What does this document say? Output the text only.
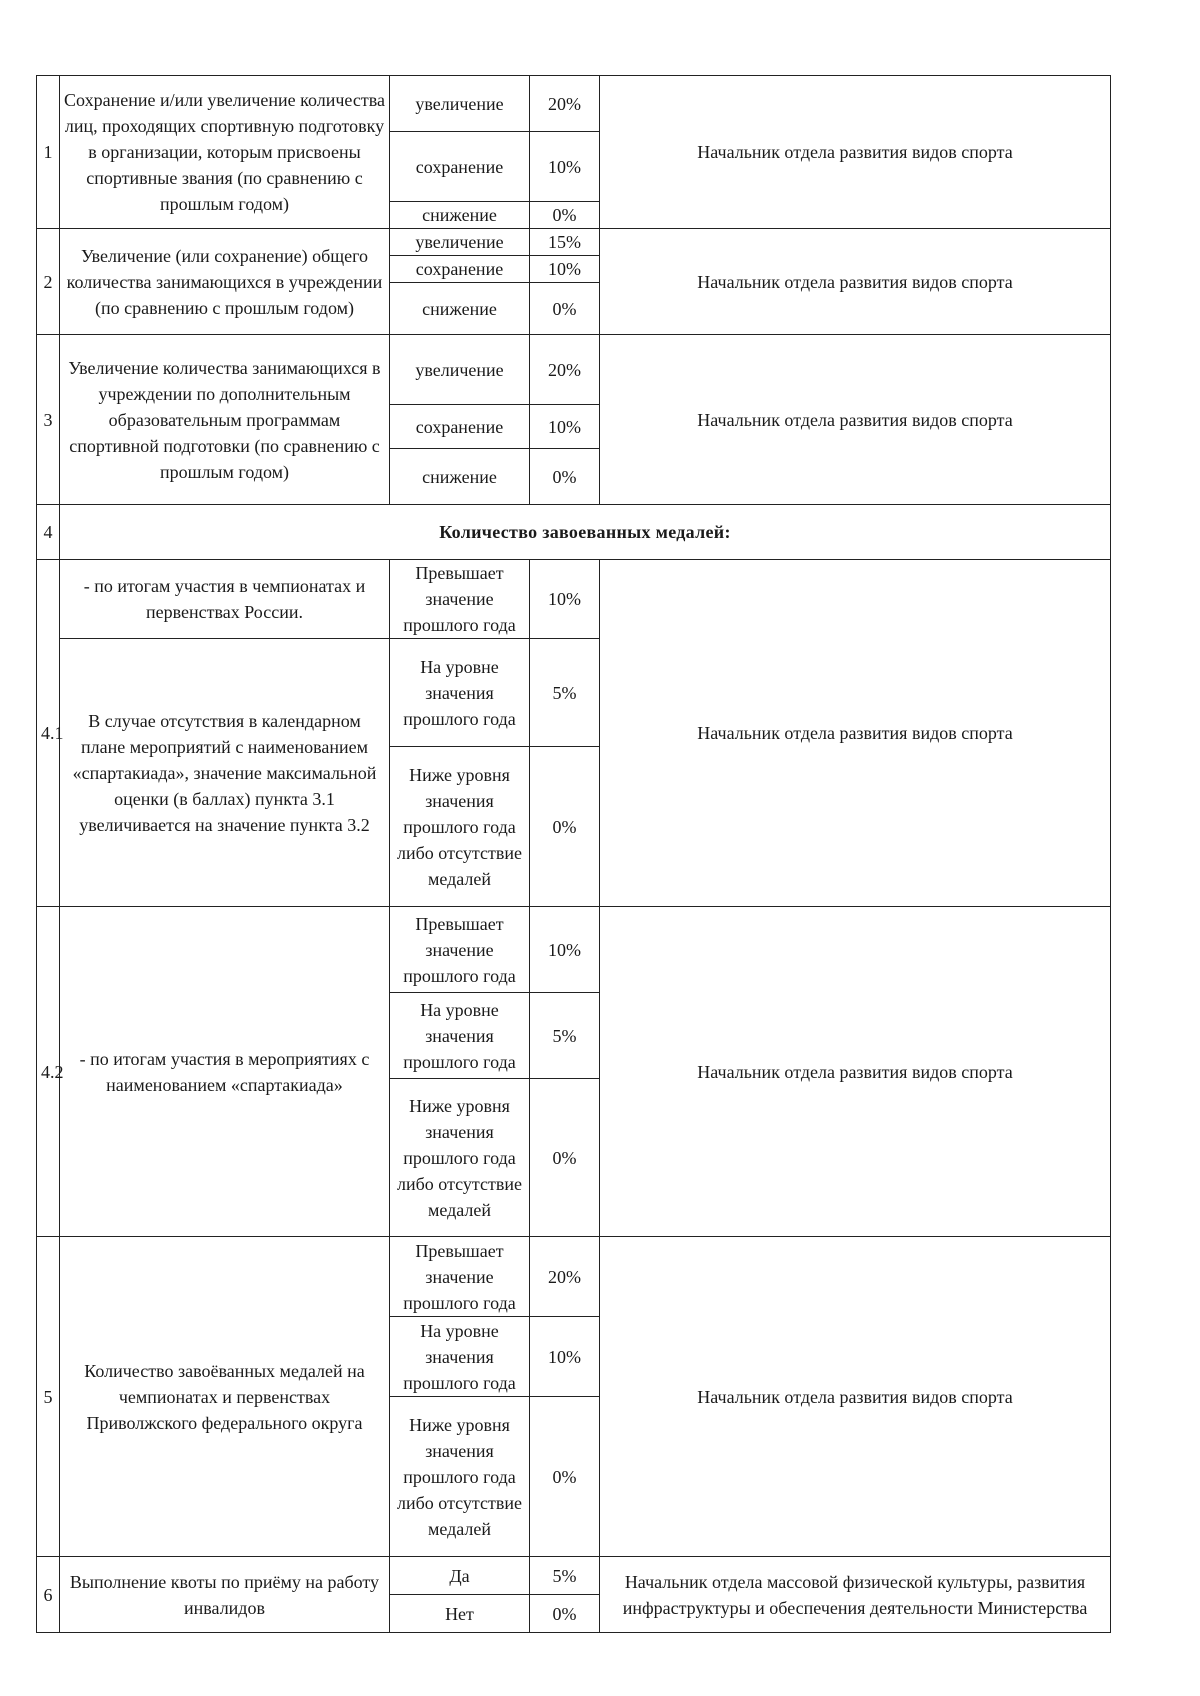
1	Сохранение и/или увеличение количества лиц, проходящих спортивную подготовку в организации, которым присвоены спортивные звания (по сравнению с прошлым годом)	увеличение	20%	Начальник отдела развития видов спорта
		сохранение	10%	
		снижение	0%	
2	Увеличение (или сохранение) общего количества занимающихся в учреждении (по сравнению с прошлым годом)	увеличение	15%	Начальник отдела развития видов спорта
		сохранение	10%	
		снижение	0%	
3	Увеличение количества занимающихся в учреждении по дополнительным образовательным программам спортивной подготовки (по сравнению с прошлым годом)	увеличение	20%	Начальник отдела развития видов спорта
		сохранение	10%	
		снижение	0%	
4	Количество завоеванных медалей:			
4.1	- по итогам участия в чемпионатах и первенствах России.	Превышает значение прошлого года	10%	Начальник отдела развития видов спорта
	В случае отсутствия в календарном плане мероприятий с наименованием «спартакиада», значение максимальной оценки (в баллах) пункта 3.1 увеличивается на значение пункта 3.2	На уровне значения прошлого года	5%	
		Ниже уровня значения прошлого года либо отсутствие медалей	0%	
4.2	- по итогам участия в мероприятиях с наименованием «спартакиада»	Превышает значение прошлого года	10%	Начальник отдела развития видов спорта
		На уровне значения прошлого года	5%	
		Ниже уровня значения прошлого года либо отсутствие медалей	0%	
5	Количество завоёванных медалей на чемпионатах и первенствах Приволжского федерального округа	Превышает значение прошлого года	20%	Начальник отдела развития видов спорта
		На уровне значения прошлого года	10%	
		Ниже уровня значения прошлого года либо отсутствие медалей	0%	
6	Выполнение квоты по приёму на работу инвалидов	Да	5%	Начальник отдела массовой физической культуры, развития инфраструктуры и обеспечения деятельности Министерства
		Нет	0%	
